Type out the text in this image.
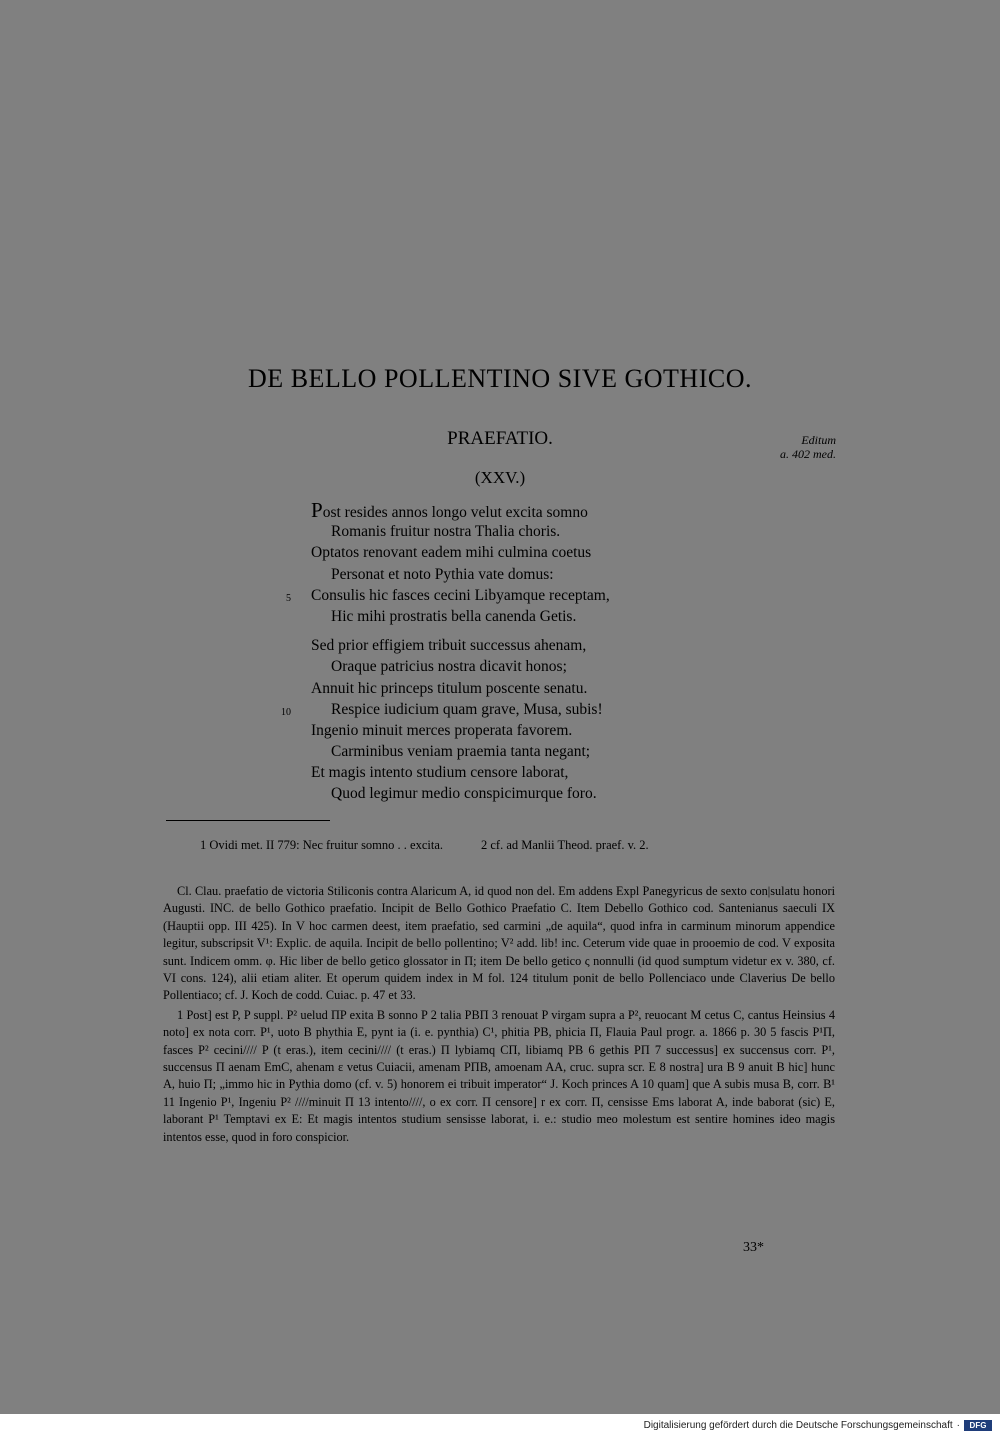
DE BELLO POLLENTINO SIVE GOTHICO.
PRAEFATIO.	Editum
a. 402 med.
(XXV.)
Post resides annos longo velut excita somno
Romanis fruitur nostra Thalia choris.
Optatos renovant eadem mihi culmina coetus
Personat et noto Pythia vate domus:
5 Consulis hic fasces cecini Libyamque receptam,
Hic mihi prostratis bella canenda Getis.
Sed prior effigiem tribuit successus ahenam,
Oraque patricius nostra dicavit honos;
Annuit hic princeps titulum poscente senatu.
10	Respice iudicium quam grave, Musa, subis!
Ingenio minuit merces properata favorem.
Carminibus veniam praemia tanta negant;
Et magis intento studium censore laborat,
Quod legimur medio conspicimurque foro.
1 Ovidi met. II 779: Nec fruitur somno . . excita.	2 cf. ad Manlii Theod. praef. v. 2.

Cl. Clau. praefatio de victoria Stiliconis contra Alaricum A, id quod non del. Em addens Expl Panegyricus de sexto con|sulatu honori Augusti. INC. de bello Gothico praefatio. Incipit de Bello Gothico Praefatio C. Item Debello Gothico cod. Santenianus saeculi IX (Hauptii opp. III 425). In V hoc carmen deest, item praefatio, sed carmini „de aquila“, quod infra in carminum minorum appendice legitur, subscripsit V¹: Explic. de aquila. Incipit de bello pollentino; V² add. lib! inc. Ceterum vide quae in prooemio de cod. V exposita sunt. Indicem omm. φ. Hic liber de bello getico glossator in Π; item De bello getico ς nonnulli (id quod sumptum videtur ex v. 380, cf. VI cons. 124), alii etiam aliter. Et operum quidem index in M fol. 124 titulum ponit de bello Pollenciaco unde Claverius De bello Pollentiaco; cf. J. Koch de codd. Cuiac. p. 47 et 33.

1 Post] est P, P suppl. P² uelud ΠP exita B sonno P 2 talia PBΠ 3 renouat P virgam supra a P², reuocant M cetus C, cantus Heinsius 4 noto] ex nota corr. P¹, uoto B phythia E, pynt ia (i. e. pynthia) C¹, phitia PB, phicia Π, Flauia Paul progr. a. 1866 p. 30 5 fascis P¹Π, fasces P² cecini//// P (t eras.), item cecini//// (t eras.) Π lybiamq CΠ, libiamq PB 6 gethis PΠ 7 successus] ex succensus corr. P¹, succensus Π aenam EmC, ahenam ε vetus Cuiacii, amenam PΠB, amoenam AA, cruc. supra scr. E 8 nostra] ura B 9 anuit B hic] hunc A, huio Π; „immo hic in Pythia domo (cf. v. 5) honorem ei tribuit imperator“ J. Koch princes A 10 quam] que A subis musa B, corr. B¹ 11 Ingenio P¹, Ingeniu P² ////minuit Π 13 intento////, o ex corr. Π censore] r ex corr. Π, censisse Ems laborat A, inde baborat (sic) E, laborant P¹ Temptavi ex E: Et magis intentos studium sensisse laborat, i. e.: studio meo molestum est sentire homines ideo magis intentos esse, quod in foro conspicior.

33*
Digitalisierung gefördert durch die Deutsche Forschungsgemeinschaft ·	DFG
